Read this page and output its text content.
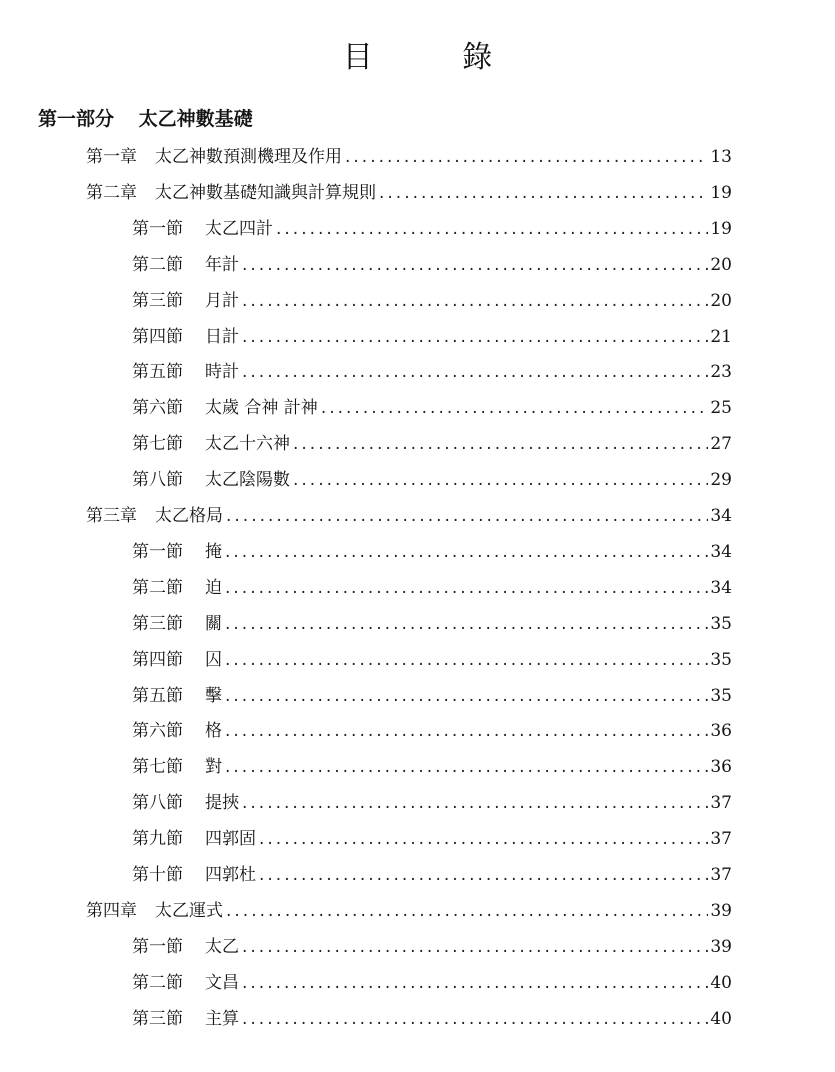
目 錄
第一部分 太乙神數基礎
第一章 太乙神數預測機理及作用 .....	13
第二章 太乙神數基礎知識與計算規則 .....	19
第一節 太乙四計 .....	19
第二節 年計 .....	20
第三節 月計 .....	20
第四節 日計 .....	21
第五節 時計 .....	23
第六節 太歲 合神 計神 .....	25
第七節 太乙十六神 .....	27
第八節 太乙陰陽數 .....	29
第三章 太乙格局 .....	34
第一節 掩 .....	34
第二節 迫 .....	34
第三節 關 .....	35
第四節 囚 .....	35
第五節 擊 .....	35
第六節 格 .....	36
第七節 對 .....	36
第八節 提挾 .....	37
第九節 四郭固 .....	37
第十節 四郭杜 .....	37
第四章 太乙運式 .....	39
第一節 太乙 .....	39
第二節 文昌 .....	40
第三節 主算 .....	40
